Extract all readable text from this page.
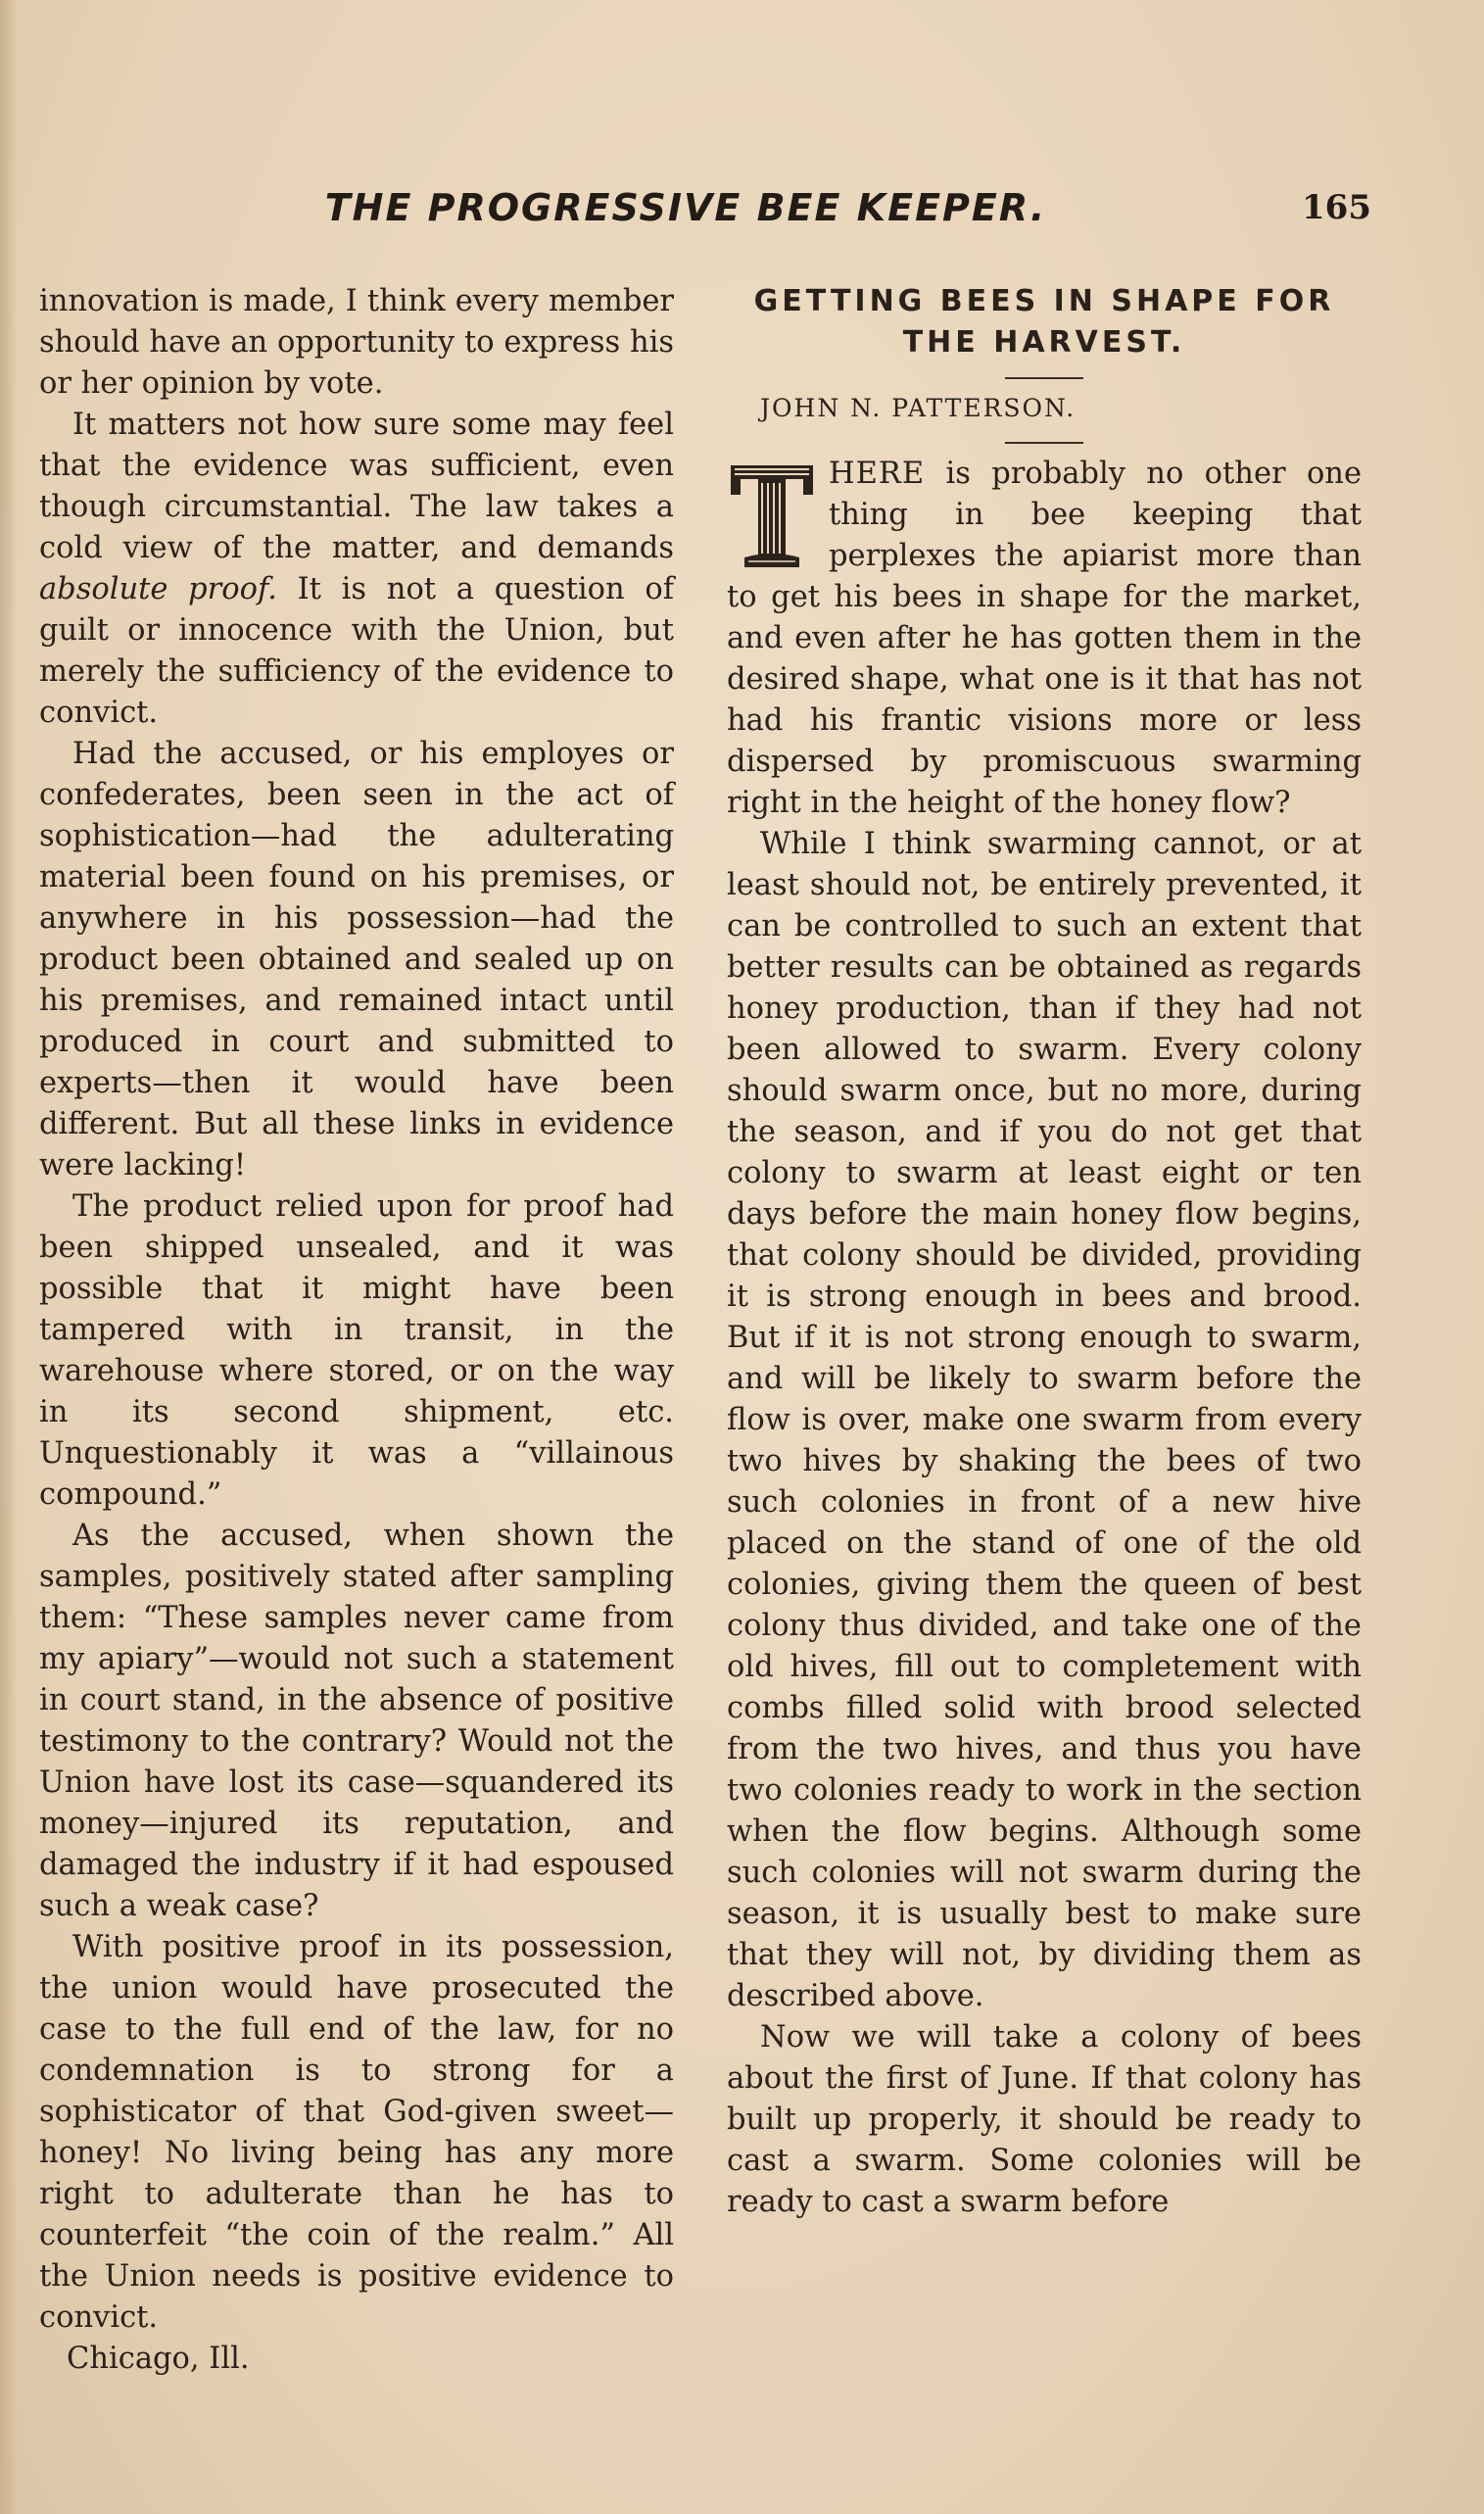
THE PROGRESSIVE BEE KEEPER.	165

innovation is made, I think every member should have an opportunity to express his or her opinion by vote.

It matters not how sure some may feel that the evidence was sufficient, even though circumstantial. The law takes a cold view of the matter, and demands absolute proof. It is not a question of guilt or innocence with the Union, but merely the sufficiency of the evidence to convict.

Had the accused, or his employes or confederates, been seen in the act of sophistication—had the adulterating material been found on his premises, or anywhere in his possession—had the product been obtained and sealed up on his premises, and remained intact until produced in court and submitted to experts—then it would have been different. But all these links in evidence were lacking!

The product relied upon for proof had been shipped unsealed, and it was possible that it might have been tampered with in transit, in the warehouse where stored, or on the way in its second shipment, etc. Unquestionably it was a “villainous compound.”

As the accused, when shown the samples, positively stated after sampling them: “These samples never came from my apiary”—would not such a statement in court stand, in the absence of positive testimony to the contrary? Would not the Union have lost its case—squandered its money—injured its reputation, and damaged the industry if it had espoused such a weak case?

With positive proof in its possession, the union would have prosecuted the case to the full end of the law, for no condemnation is to strong for a sophisticator of that God-given sweet—honey! No living being has any more right to adulterate than he has to counterfeit “the coin of the realm.” All the Union needs is positive evidence to convict.

Chicago, Ill.

GETTING BEES IN SHAPE FOR THE HARVEST.

JOHN N. PATTERSON.

HERE is probably no other one thing in bee keeping that perplexes the apiarist more than to get his bees in shape for the market, and even after he has gotten them in the desired shape, what one is it that has not had his frantic visions more or less dispersed by promiscuous swarming right in the height of the honey flow?

While I think swarming cannot, or at least should not, be entirely prevented, it can be controlled to such an extent that better results can be obtained as regards honey production, than if they had not been allowed to swarm. Every colony should swarm once, but no more, during the season, and if you do not get that colony to swarm at least eight or ten days before the main honey flow begins, that colony should be divided, providing it is strong enough in bees and brood. But if it is not strong enough to swarm, and will be likely to swarm before the flow is over, make one swarm from every two hives by shaking the bees of two such colonies in front of a new hive placed on the stand of one of the old colonies, giving them the queen of best colony thus divided, and take one of the old hives, fill out to completement with combs filled solid with brood selected from the two hives, and thus you have two colonies ready to work in the section when the flow begins. Although some such colonies will not swarm during the season, it is usually best to make sure that they will not, by dividing them as described above.

Now we will take a colony of bees about the first of June. If that colony has built up properly, it should be ready to cast a swarm. Some colonies will be ready to cast a swarm before
